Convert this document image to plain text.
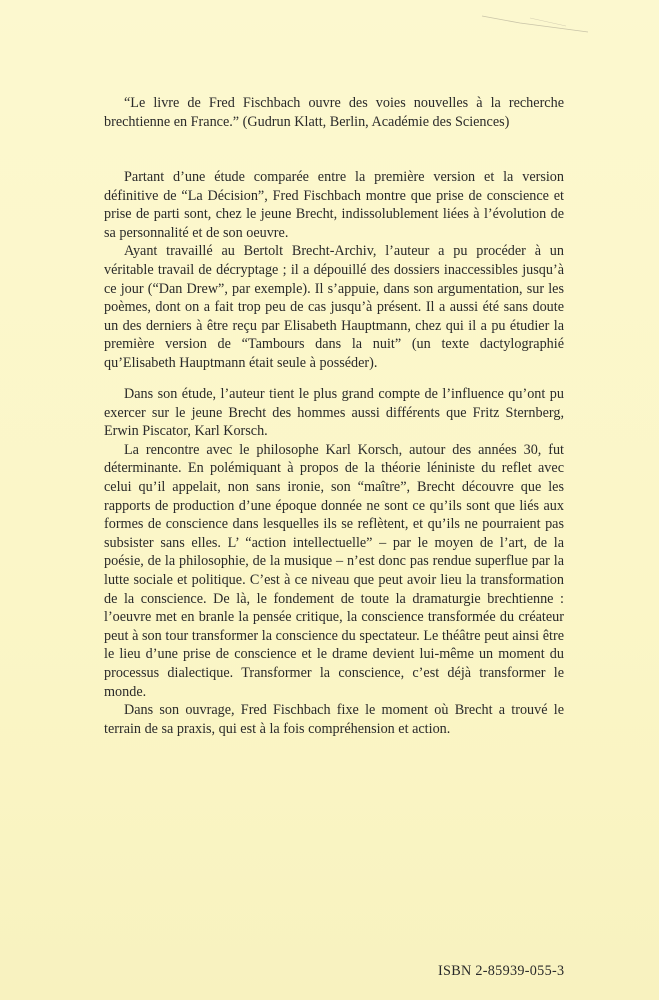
“Le livre de Fred Fischbach ouvre des voies nouvelles à la recherche brechtienne en France.” (Gudrun Klatt, Berlin, Académie des Sciences)

Partant d’une étude comparée entre la première version et la version définitive de “La Décision”, Fred Fischbach montre que prise de conscience et prise de parti sont, chez le jeune Brecht, indissolublement liées à l’évolution de sa personnalité et de son oeuvre.

Ayant travaillé au Bertolt Brecht-Archiv, l’auteur a pu procéder à un véritable travail de décryptage ; il a dépouillé des dossiers inaccessibles jusqu’à ce jour (“Dan Drew”, par exemple). Il s’appuie, dans son argumentation, sur les poèmes, dont on a fait trop peu de cas jusqu’à présent. Il a aussi été sans doute un des derniers à être reçu par Elisabeth Hauptmann, chez qui il a pu étudier la première version de “Tambours dans la nuit” (un texte dactylographié qu’Elisabeth Hauptmann était seule à posséder).

Dans son étude, l’auteur tient le plus grand compte de l’influence qu’ont pu exercer sur le jeune Brecht des hommes aussi différents que Fritz Sternberg, Erwin Piscator, Karl Korsch.

La rencontre avec le philosophe Karl Korsch, autour des années 30, fut déterminante. En polémiquant à propos de la théorie léniniste du reflet avec celui qu’il appelait, non sans ironie, son “maître”, Brecht découvre que les rapports de production d’une époque donnée ne sont ce qu’ils sont que liés aux formes de conscience dans lesquelles ils se reflètent, et qu’ils ne pourraient pas subsister sans elles. L’ “action intellectuelle” – par le moyen de l’art, de la poésie, de la philosophie, de la musique – n’est donc pas rendue superflue par la lutte sociale et politique. C’est à ce niveau que peut avoir lieu la transformation de la conscience. De là, le fondement de toute la dramaturgie brechtienne : l’oeuvre met en branle la pensée critique, la conscience transformée du créateur peut à son tour transformer la conscience du spectateur. Le théâtre peut ainsi être le lieu d’une prise de conscience et le drame devient lui-même un moment du processus dialectique. Transformer la conscience, c’est déjà transformer le monde.

Dans son ouvrage, Fred Fischbach fixe le moment où Brecht a trouvé le terrain de sa praxis, qui est à la fois compréhension et action.

ISBN 2-85939-055-3
